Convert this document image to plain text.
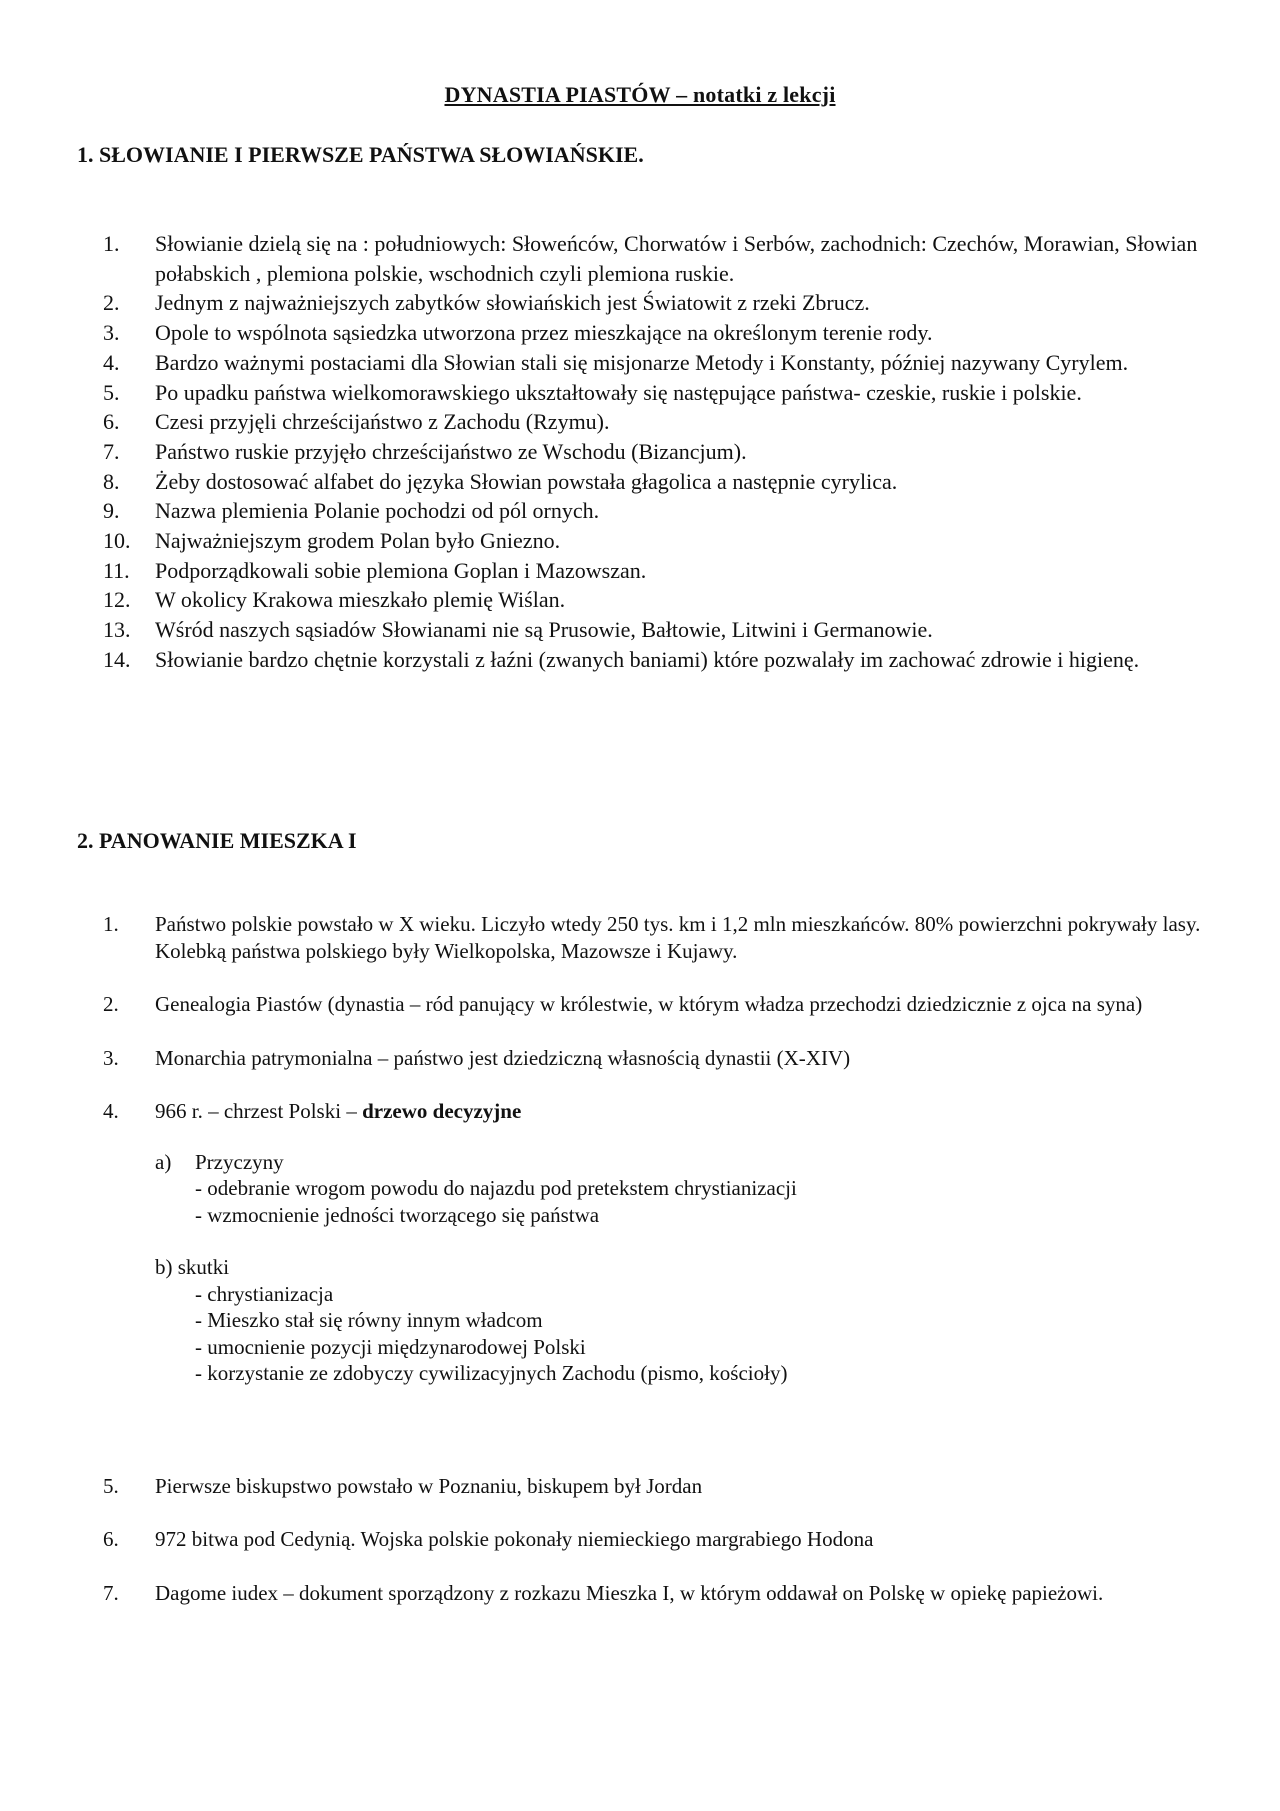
DYNASTIA PIASTÓW – notatki z lekcji
1. SŁOWIANIE I PIERWSZE PAŃSTWA SŁOWIAŃSKIE.
1.	Słowianie dzielą się na : południowych: Słoweńców, Chorwatów i Serbów, zachodnich: Czechów, Morawian, Słowian połabskich , plemiona polskie, wschodnich czyli plemiona ruskie.
2.	Jednym z najważniejszych zabytków słowiańskich jest Światowit z rzeki Zbrucz.
3.	Opole to wspólnota sąsiedzka utworzona przez mieszkające na określonym terenie rody.
4.	Bardzo ważnymi postaciami dla Słowian stali się misjonarze Metody i Konstanty, później nazywany Cyrylem.
5.	Po upadku państwa wielkomorawskiego ukształtowały się następujące państwa- czeskie, ruskie i polskie.
6.	Czesi przyjęli chrześcijaństwo z Zachodu (Rzymu).
7.	Państwo ruskie przyjęło chrześcijaństwo ze Wschodu (Bizancjum).
8.	Żeby dostosować alfabet do języka Słowian powstała głagolica a następnie cyrylica.
9.	Nazwa plemienia Polanie pochodzi od pól ornych.
10.	Najważniejszym grodem Polan było Gniezno.
11.	Podporządkowali sobie plemiona Goplan i Mazowszan.
12.	W okolicy Krakowa mieszkało plemię Wiślan.
13.	Wśród naszych sąsiadów Słowianami nie są Prusowie, Bałtowie, Litwini i Germanowie.
14.	Słowianie bardzo chętnie korzystali z łaźni (zwanych baniami) które pozwalały im zachować zdrowie i higienę.
2. PANOWANIE MIESZKA I
1.	Państwo polskie powstało w X wieku. Liczyło wtedy 250 tys. km i 1,2 mln mieszkańców. 80% powierzchni pokrywały lasy. Kolebką państwa polskiego były Wielkopolska, Mazowsze i Kujawy.
2.	Genealogia Piastów (dynastia – ród panujący w królestwie, w którym władza przechodzi dziedzicznie z ojca na syna)
3.	Monarchia patrymonialna – państwo jest dziedziczną własnością dynastii (X-XIV)
4.	966 r. – chrzest Polski – drzewo decyzyjne
a) Przyczyny
- odebranie wrogom powodu do najazdu pod pretekstem chrystianizacji
- wzmocnienie jedności tworzącego się państwa
b) skutki
- chrystianizacja
- Mieszko stał się równy innym władcom
- umocnienie pozycji międzynarodowej Polski
- korzystanie ze zdobyczy cywilizacyjnych Zachodu (pismo, kościoły)
5.	Pierwsze biskupstwo powstało w Poznaniu, biskupem był Jordan
6.	972 bitwa pod Cedynią. Wojska polskie pokonały niemieckiego margrabiego Hodona
7.	Dagome iudex – dokument sporządzony z rozkazu Mieszka I, w którym oddawał on Polskę w opiekę papieżowi.
